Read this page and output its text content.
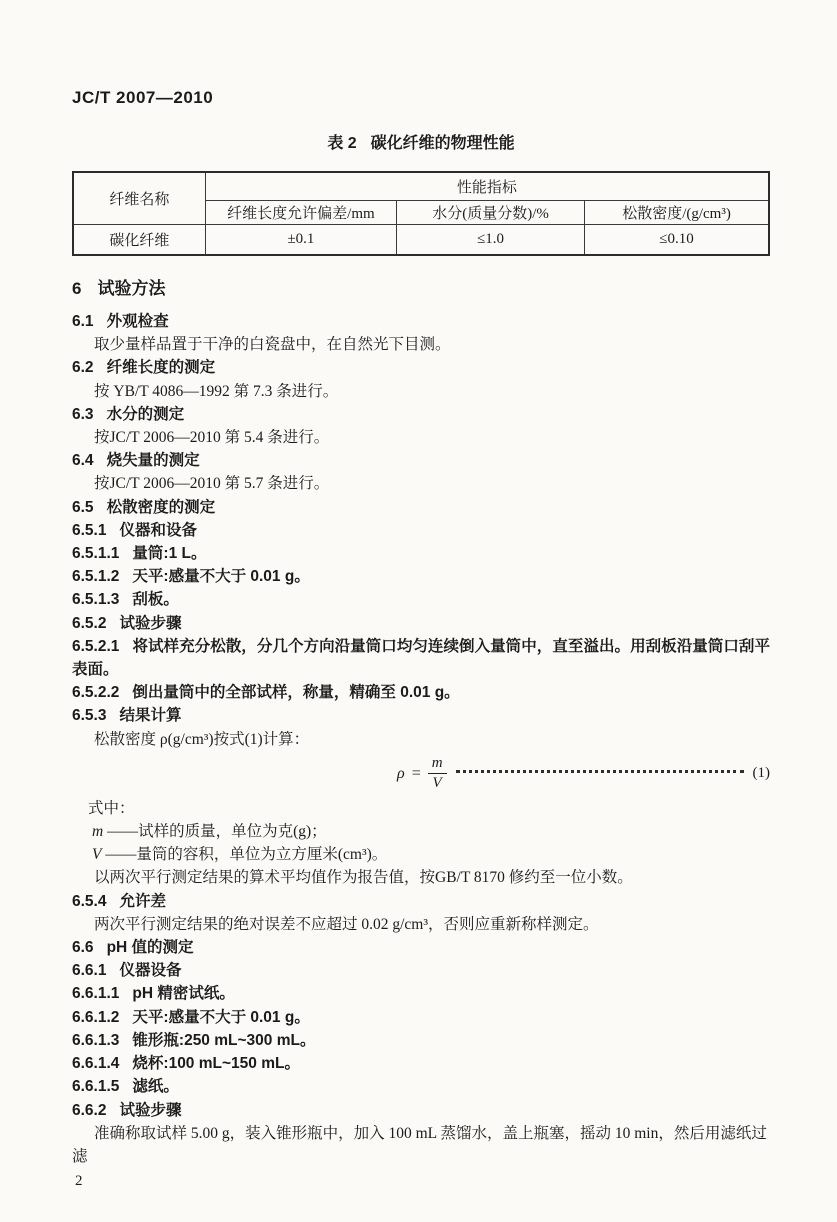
JC/T 2007—2010
表 2 碳化纤维的物理性能
纤维名称	性能指标		
	纤维长度允许偏差/mm	水分(质量分数)/%	松散密度/(g/cm³)
碳化纤维	±0.1	≤1.0	≤0.10
6 试验方法
6.1 外观检查
取少量样品置于干净的白瓷盘中，在自然光下目测。
6.2 纤维长度的测定
按 YB/T 4086—1992 第 7.3 条进行。
6.3 水分的测定
按JC/T 2006—2010 第 5.4 条进行。
6.4 烧失量的测定
按JC/T 2006—2010 第 5.7 条进行。
6.5 松散密度的测定
6.5.1 仪器和设备
6.5.1.1 量筒:1 L。
6.5.1.2 天平:感量不大于 0.01 g。
6.5.1.3 刮板。
6.5.2 试验步骤
6.5.2.1 将试样充分松散，分几个方向沿量筒口均匀连续倒入量筒中，直至溢出。用刮板沿量筒口刮平表面。
6.5.2.2 倒出量筒中的全部试样，称量，精确至 0.01 g。
6.5.3 结果计算
松散密度 ρ(g/cm³)按式(1)计算：
$\rho = \frac{m}{V}$	(1)
式中：
m ——试样的质量，单位为克(g)；
V ——量筒的容积，单位为立方厘米(cm³)。
以两次平行测定结果的算术平均值作为报告值，按GB/T 8170 修约至一位小数。
6.5.4 允许差
两次平行测定结果的绝对误差不应超过 0.02 g/cm³，否则应重新称样测定。
6.6 pH 值的测定
6.6.1 仪器设备
6.6.1.1 pH 精密试纸。
6.6.1.2 天平:感量不大于 0.01 g。
6.6.1.3 锥形瓶:250 mL~300 mL。
6.6.1.4 烧杯:100 mL~150 mL。
6.6.1.5 滤纸。
6.6.2 试验步骤
准确称取试样 5.00 g，装入锥形瓶中，加入 100 mL 蒸馏水，盖上瓶塞，摇动 10 min，然后用滤纸过滤
2
